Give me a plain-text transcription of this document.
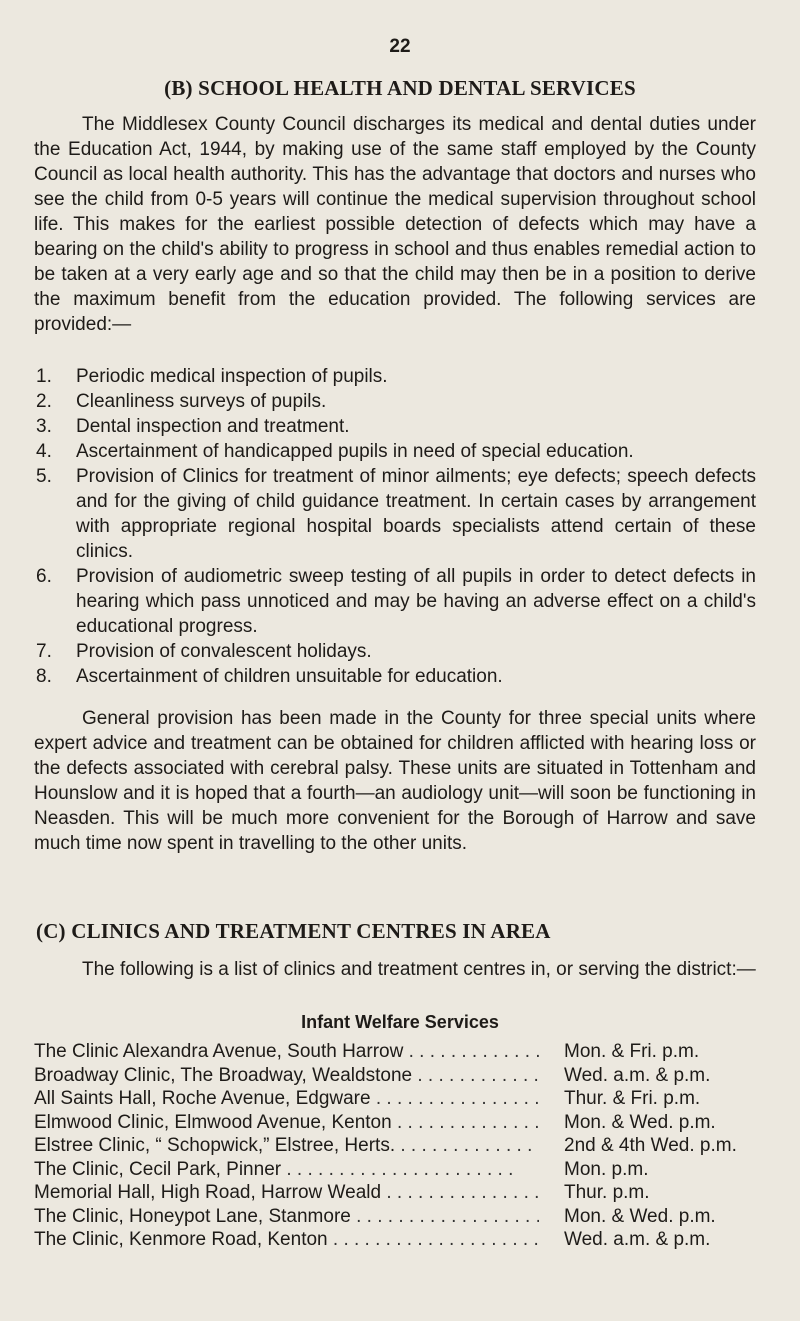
22
(B) SCHOOL HEALTH AND DENTAL SERVICES

The Middlesex County Council discharges its medical and dental duties under the Education Act, 1944, by making use of the same staff employed by the County Council as local health authority. This has the advantage that doctors and nurses who see the child from 0-5 years will continue the medical supervision throughout school life. This makes for the earliest possible detection of defects which may have a bearing on the child's ability to progress in school and thus enables remedial action to be taken at a very early age and so that the child may then be in a position to derive the maximum benefit from the education provided. The following services are provided:—

1.	Periodic medical inspection of pupils.
2.	Cleanliness surveys of pupils.
3.	Dental inspection and treatment.
4.	Ascertainment of handicapped pupils in need of special education.
5.	Provision of Clinics for treatment of minor ailments; eye defects; speech defects and for the giving of child guidance treatment. In certain cases by arrangement with appropriate regional hospital boards specialists attend certain of these clinics.
6.	Provision of audiometric sweep testing of all pupils in order to detect defects in hearing which pass unnoticed and may be having an adverse effect on a child's educational progress.
7.	Provision of convalescent holidays.
8.	Ascertainment of children unsuitable for education.

General provision has been made in the County for three special units where expert advice and treatment can be obtained for children afflicted with hearing loss or the defects associated with cerebral palsy. These units are situated in Tottenham and Hounslow and it is hoped that a fourth—an audiology unit—will soon be functioning in Neasden. This will be much more convenient for the Borough of Harrow and save much time now spent in travelling to the other units.

(C) CLINICS AND TREATMENT CENTRES IN AREA

The following is a list of clinics and treatment centres in, or serving the district:—

Infant Welfare Services
The Clinic Alexandra Avenue, South Harrow . .	Mon. & Fri. p.m.
Broadway Clinic, The Broadway, Wealdstone . .	Wed. a.m. & p.m.
All Saints Hall, Roche Avenue, Edgware . .	Thur. & Fri. p.m.
Elmwood Clinic, Elmwood Avenue, Kenton . .	Mon. & Wed. p.m.
Elstree Clinic, “ Schopwick,” Elstree, Herts. . .	2nd & 4th Wed. p.m.
The Clinic, Cecil Park, Pinner . .	Mon. p.m.
Memorial Hall, High Road, Harrow Weald . .	Thur. p.m.
The Clinic, Honeypot Lane, Stanmore . .	Mon. & Wed. p.m.
The Clinic, Kenmore Road, Kenton . .	Wed. a.m. & p.m.
